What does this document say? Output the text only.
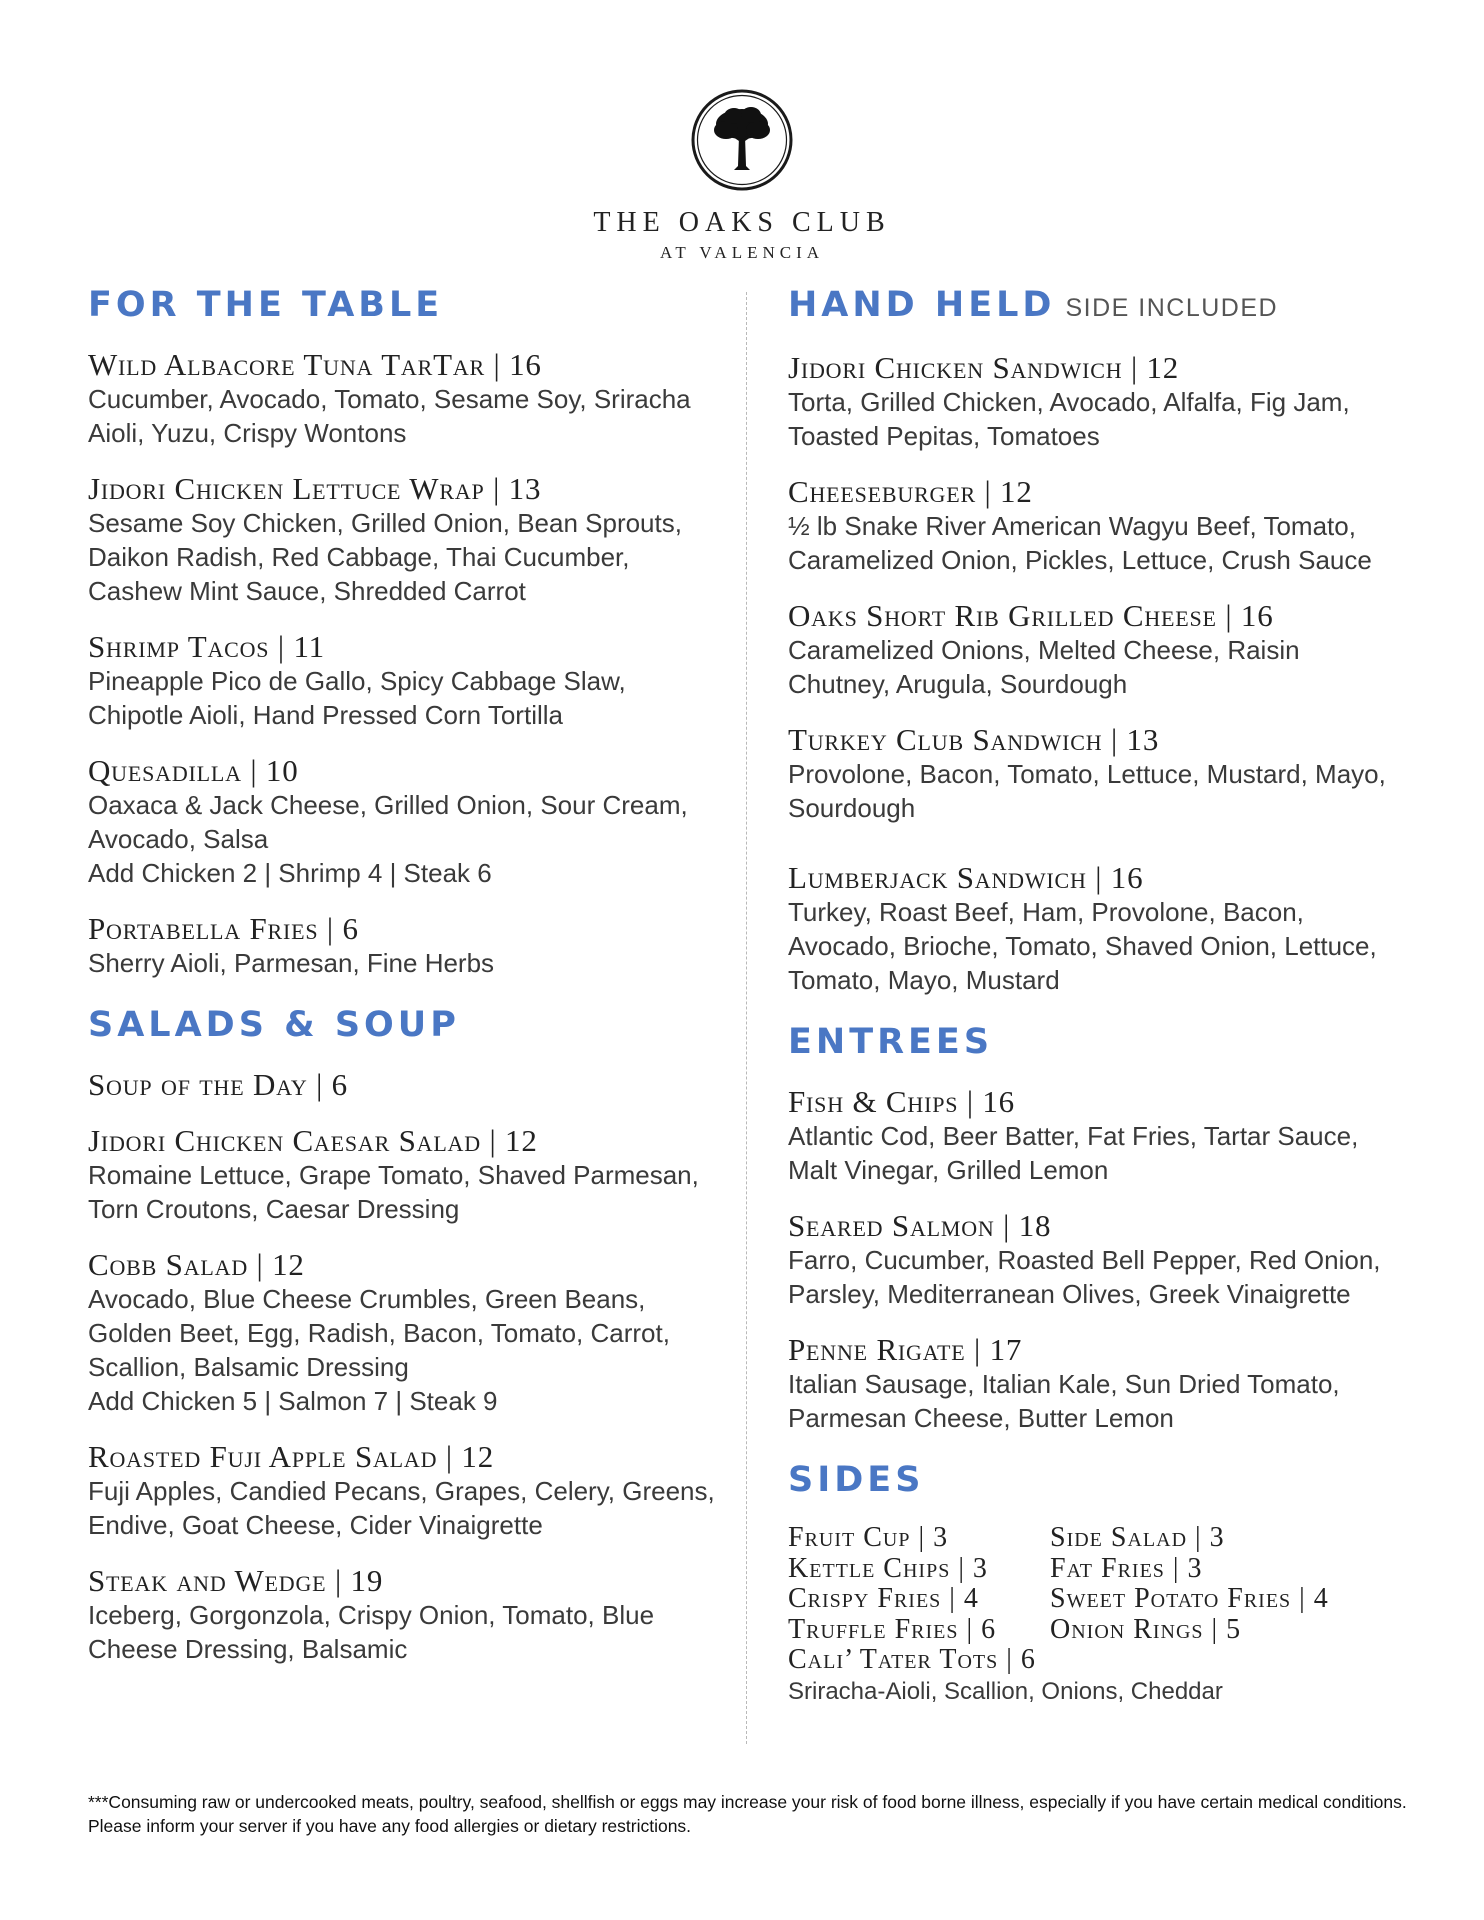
THE OAKS CLUB
AT VALENCIA
FOR THE TABLE
Wild Albacore Tuna TarTar | 16
Cucumber, Avocado, Tomato, Sesame Soy, Sriracha Aioli, Yuzu, Crispy Wontons
Jidori Chicken Lettuce Wrap | 13
Sesame Soy Chicken, Grilled Onion, Bean Sprouts, Daikon Radish, Red Cabbage, Thai Cucumber, Cashew Mint Sauce, Shredded Carrot
Shrimp Tacos | 11
Pineapple Pico de Gallo, Spicy Cabbage Slaw, Chipotle Aioli, Hand Pressed Corn Tortilla
Quesadilla | 10
Oaxaca & Jack Cheese, Grilled Onion, Sour Cream, Avocado, Salsa
Add Chicken 2 | Shrimp 4 | Steak 6
Portabella Fries | 6
Sherry Aioli, Parmesan, Fine Herbs
SALADS & SOUP
Soup of the Day | 6
Jidori Chicken Caesar Salad | 12
Romaine Lettuce, Grape Tomato, Shaved Parmesan, Torn Croutons, Caesar Dressing
Cobb Salad | 12
Avocado, Blue Cheese Crumbles, Green Beans, Golden Beet, Egg, Radish, Bacon, Tomato, Carrot, Scallion, Balsamic Dressing
Add Chicken 5 | Salmon 7 | Steak 9
Roasted Fuji Apple Salad | 12
Fuji Apples, Candied Pecans, Grapes, Celery, Greens, Endive, Goat Cheese, Cider Vinaigrette
Steak and Wedge | 19
Iceberg, Gorgonzola, Crispy Onion, Tomato, Blue Cheese Dressing, Balsamic
HAND HELD SIDE INCLUDED
Jidori Chicken Sandwich | 12
Torta, Grilled Chicken, Avocado, Alfalfa, Fig Jam, Toasted Pepitas, Tomatoes
Cheeseburger | 12
½ lb Snake River American Wagyu Beef, Tomato, Caramelized Onion, Pickles, Lettuce, Crush Sauce
Oaks Short Rib Grilled Cheese | 16
Caramelized Onions, Melted Cheese, Raisin Chutney, Arugula, Sourdough
Turkey Club Sandwich | 13
Provolone, Bacon, Tomato, Lettuce, Mustard, Mayo, Sourdough
Lumberjack Sandwich | 16
Turkey, Roast Beef, Ham, Provolone, Bacon, Avocado, Brioche, Tomato, Shaved Onion, Lettuce, Tomato, Mayo, Mustard
ENTREES
Fish & Chips | 16
Atlantic Cod, Beer Batter, Fat Fries, Tartar Sauce, Malt Vinegar, Grilled Lemon
Seared Salmon | 18
Farro, Cucumber, Roasted Bell Pepper, Red Onion, Parsley, Mediterranean Olives, Greek Vinaigrette
Penne Rigate | 17
Italian Sausage, Italian Kale, Sun Dried Tomato, Parmesan Cheese, Butter Lemon
SIDES
Fruit Cup | 3	Side Salad | 3
Kettle Chips | 3	Fat Fries | 3
Crispy Fries | 4	Sweet Potato Fries | 4
Truffle Fries | 6	Onion Rings | 5
Cali’ Tater Tots | 6
Sriracha-Aioli, Scallion, Onions, Cheddar
***Consuming raw or undercooked meats, poultry, seafood, shellfish or eggs may increase your risk of food borne illness, especially if you have certain medical conditions. Please inform your server if you have any food allergies or dietary restrictions.
